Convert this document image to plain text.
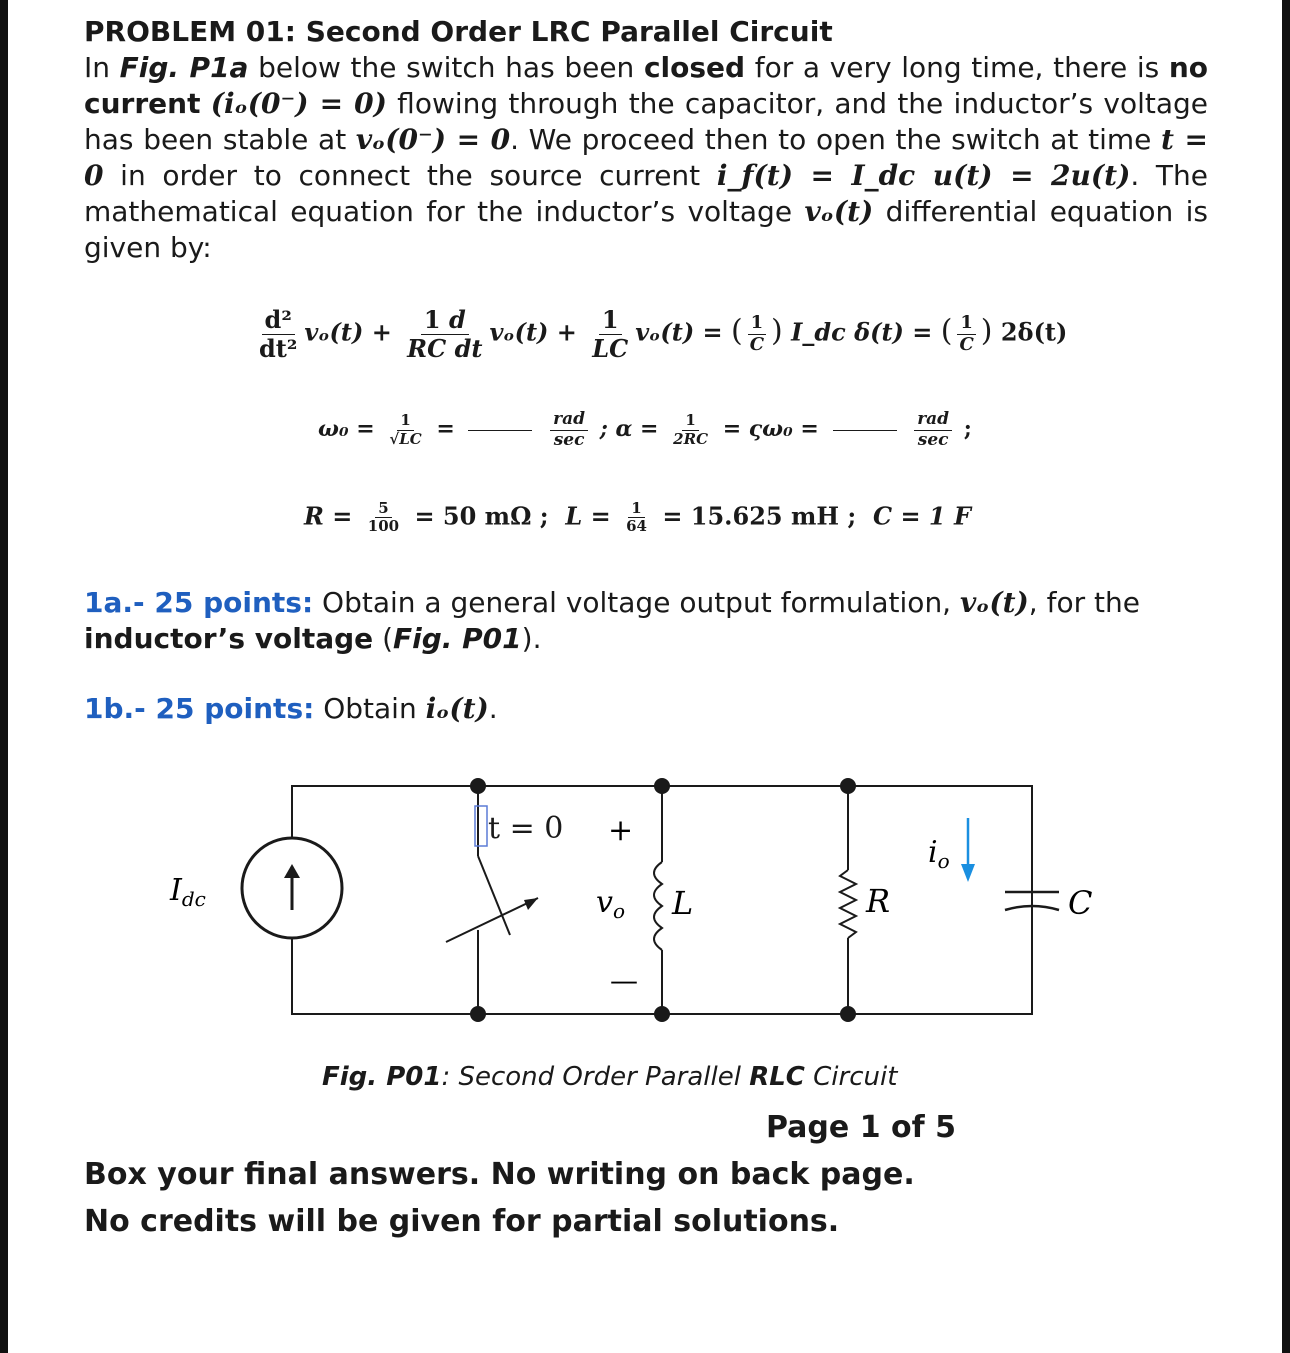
PROBLEM 01: Second Order LRC Parallel Circuit

In Fig. P1a below the switch has been closed for a very long time, there is no current (iₒ(0⁻) = 0) flowing through the capacitor, and the inductor’s voltage has been stable at vₒ(0⁻) = 0. We proceed then to open the switch at time t = 0 in order to connect the source current i_f(t) = I_dc u(t) = 2u(t). The mathematical equation for the inductor’s voltage vₒ(t) differential equation is given by:

$\frac{\text{d²}}{\text{dt²}} v_o(t) + \frac{1 d}{\text{RC dt}} v_o(t) + \frac{1}{LC} v_o(t)$ = ( $\frac{1}{C}$ ) I_dc δ(t) = ( $\frac{1}{C}$ ) 2δ(t)
$\omega_0 = \frac{1}{√LC}$ =	$\frac{\text{rad}}{\sec}$ ; $\alpha = \frac{1}{2RC} = \varsigma\omega_0$ =	$\frac{\text{rad}}{\sec}$ ;
$R = \frac{5}{100} = 50$ mΩ ; $L = \frac{1}{64} = 15.625$ mH ; C = 1 F
1a.- 25 points: Obtain a general voltage output formulation, vₒ(t), for the
inductor’s voltage (Fig. P01).
1b.- 25 points: Obtain iₒ(t).
$I_{dc}$
t = 0 +
$v_o$ L
—
R
$i_o$
C
Fig. P01: Second Order Parallel RLC Circuit
Page 1 of 5
Box your final answers. No writing on back page.
No credits will be given for partial solutions.
